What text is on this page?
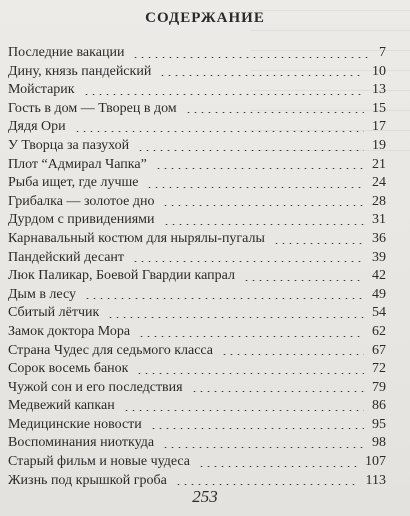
СОДЕРЖАНИЕ
Последние вакации	7
Дину, князь пандейский	10
Мойстарик	13
Гость в дом — Творец в дом	15
Дядя Ори	17
У Творца за пазухой	19
Плот “Адмирал Чапка”	21
Рыба ищет, где лучше	24
Грибалка — золотое дно	28
Дурдом с привидениями	31
Карнавальный костюм для нырялы-пугалы	36
Пандейский десант	39
Люк Паликар, Боевой Гвардии капрал	42
Дым в лесу	49
Сбитый лётчик	54
Замок доктора Мора	62
Страна Чудес для седьмого класса	67
Сорок восемь банок	72
Чужой сон и его последствия	79
Медвежий капкан	86
Медицинские новости	95
Воспоминания ниоткуда	98
Старый фильм и новые чудеса	107
Жизнь под крышкой гроба	113
253
